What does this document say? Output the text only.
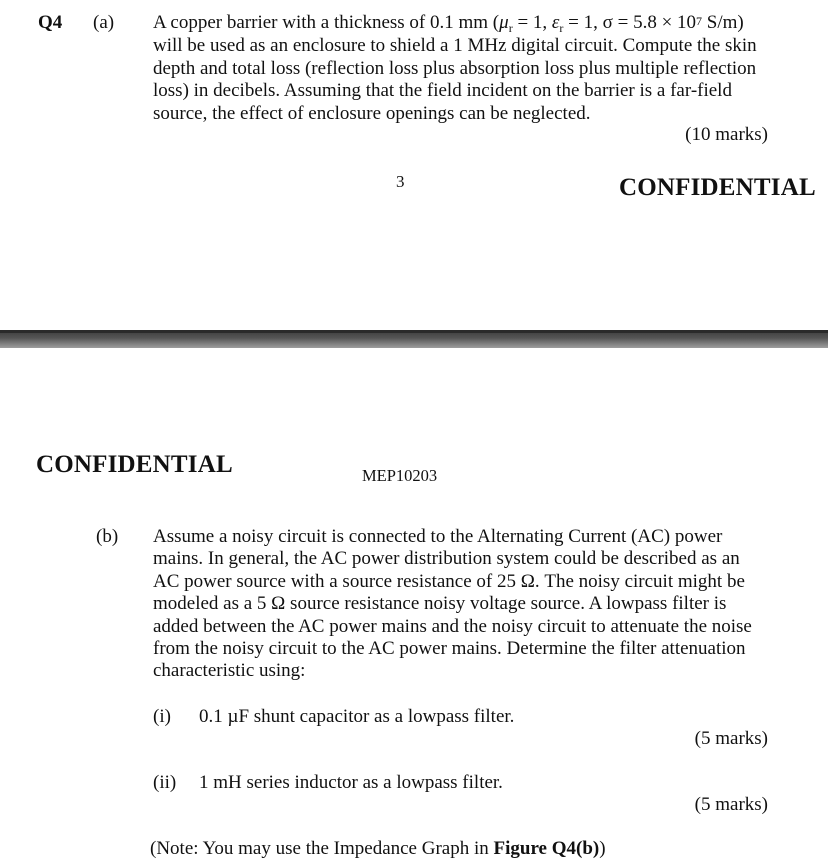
Q4 (a) A copper barrier with a thickness of 0.1 mm ($\mu_r = 1$, $\varepsilon_r = 1$, $\sigma = 5.8 \times 10^7$ S/m)
will be used as an enclosure to shield a 1 MHz digital circuit. Compute the skin
depth and total loss (reflection loss plus absorption loss plus multiple reflection
loss) in decibels. Assuming that the field incident on the barrier is a far-field
source, the effect of enclosure openings can be neglected.
(10 marks)
3	CONFIDENTIAL
CONFIDENTIAL	MEP10203
(b) Assume a noisy circuit is connected to the Alternating Current (AC) power
mains. In general, the AC power distribution system could be described as an
AC power source with a source resistance of 25 Ω. The noisy circuit might be
modeled as a 5 Ω source resistance noisy voltage source. A lowpass filter is
added between the AC power mains and the noisy circuit to attenuate the noise
from the noisy circuit to the AC power mains. Determine the filter attenuation
characteristic using:
(i) 0.1 µF shunt capacitor as a lowpass filter.
(5 marks)
(ii) 1 mH series inductor as a lowpass filter.
(5 marks)
(Note: You may use the Impedance Graph in Figure Q4(b))
